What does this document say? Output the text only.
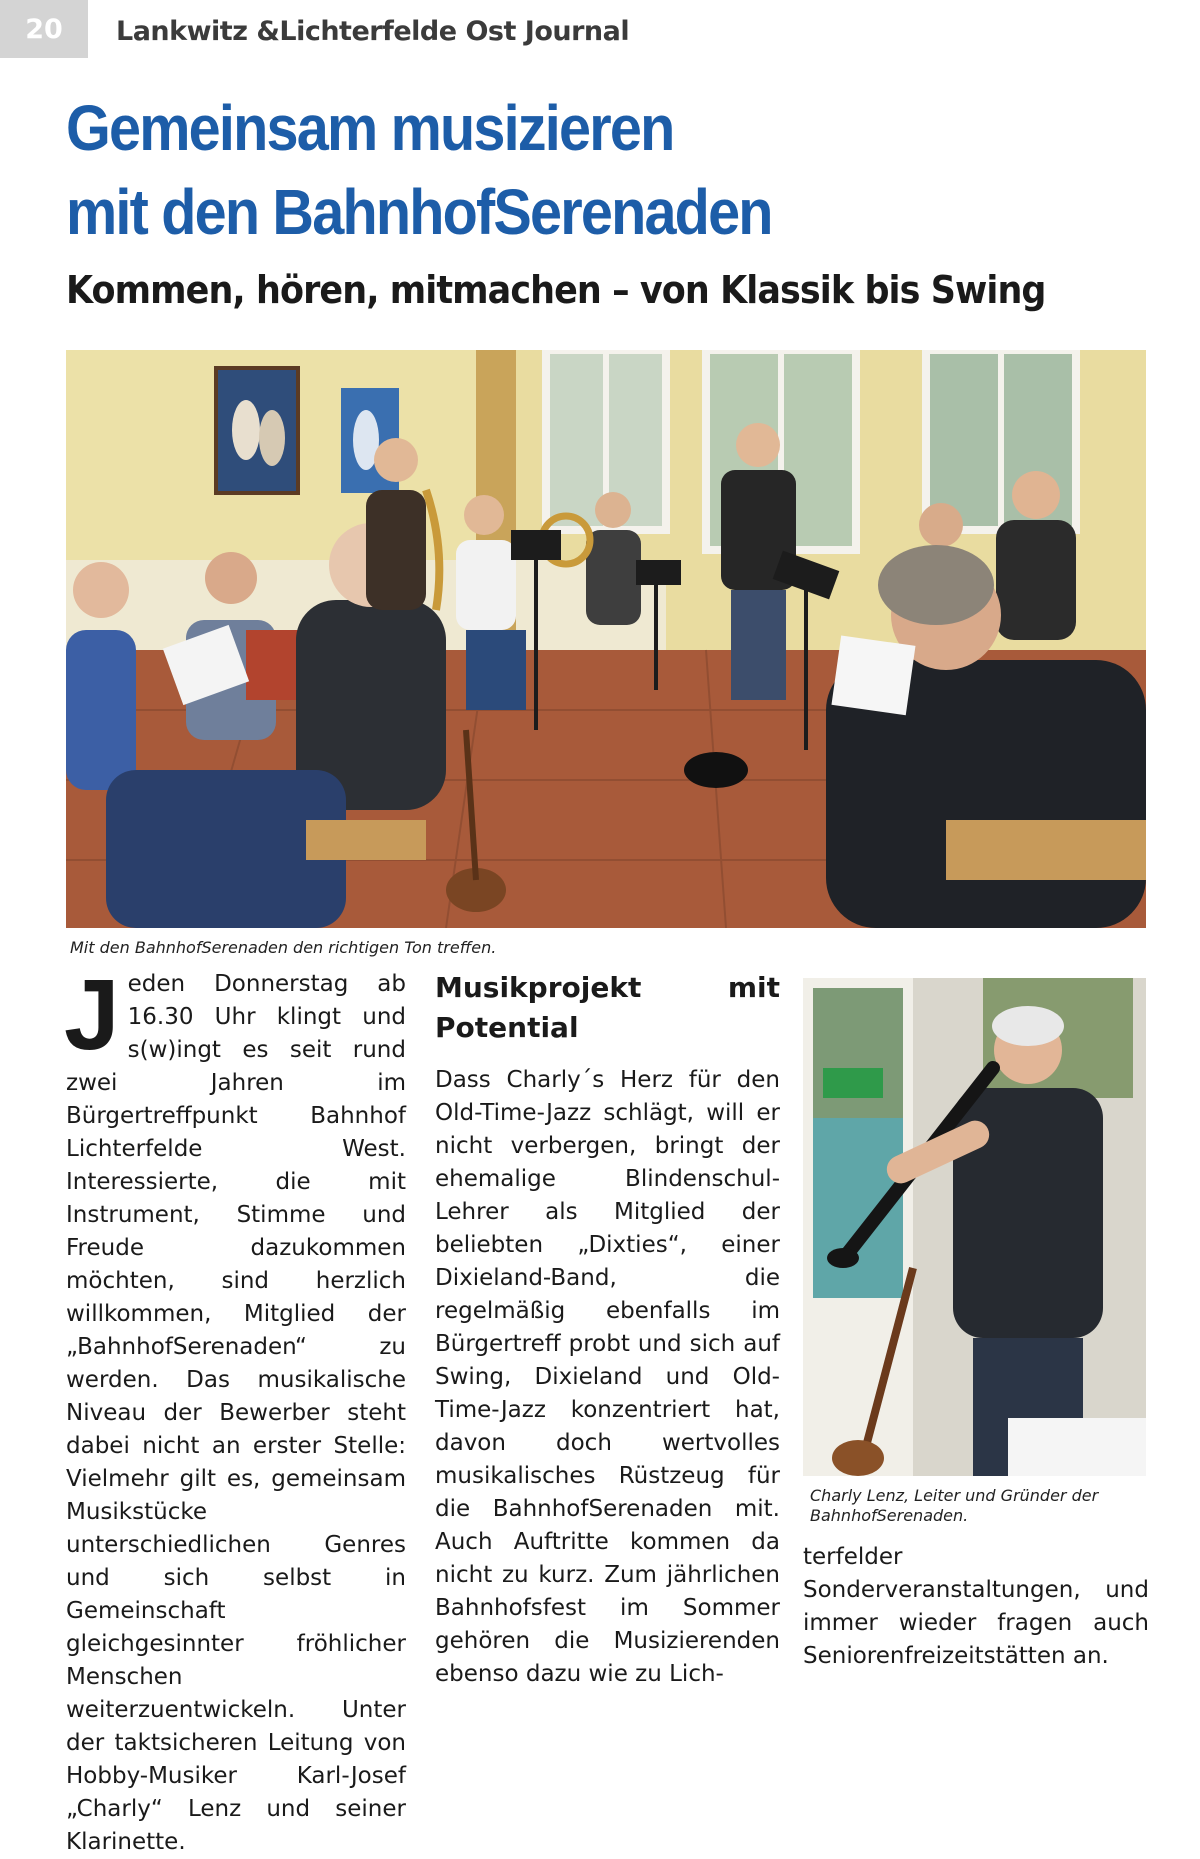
20	Lankwitz &Lichterfelde Ost Journal
Gemeinsam musizieren
mit den BahnhofSerenaden
Kommen, hören, mitmachen – von Klassik bis Swing
Mit den BahnhofSerenaden den richtigen Ton treffen.
J eden Donnerstag ab 16.30 Uhr klingt und s(w)ingt es seit rund zwei Jahren im Bürgertreffpunkt Bahnhof Lichterfelde West. Interessierte, die mit Instrument, Stimme und Freude dazukommen möchten, sind herzlich willkommen, Mitglied der „BahnhofSerenaden“ zu werden. Das musikalische Niveau der Bewerber steht dabei nicht an erster Stelle: Vielmehr gilt es, gemeinsam Musikstücke unterschiedlichen Genres und sich selbst in Gemeinschaft gleichgesinnter fröhlicher Menschen weiterzuentwickeln. Unter der taktsicheren Leitung von Hobby-Musiker Karl-Josef „Charly“ Lenz und seiner Klarinette.

Musikprojekt mit Potential

Dass Charly´s Herz für den Old-Time-Jazz schlägt, will er nicht verbergen, bringt der ehemalige Blindenschul-Lehrer als Mitglied der beliebten „Dixties“, einer Dixieland-Band, die regelmäßig ebenfalls im Bürgertreff probt und sich auf Swing, Dixieland und Old-Time-Jazz konzentriert hat, davon doch wertvolles musikalisches Rüstzeug für die BahnhofSerenaden mit. Auch Auftritte kommen da nicht zu kurz. Zum jährlichen Bahnhofsfest im Sommer gehören die Musizierenden ebenso dazu wie zu Lich-

Charly Lenz, Leiter und Gründer der BahnhofSerenaden.

terfelder Sonderveranstaltungen, und immer wieder fragen auch Seniorenfreizeitstätten an.
